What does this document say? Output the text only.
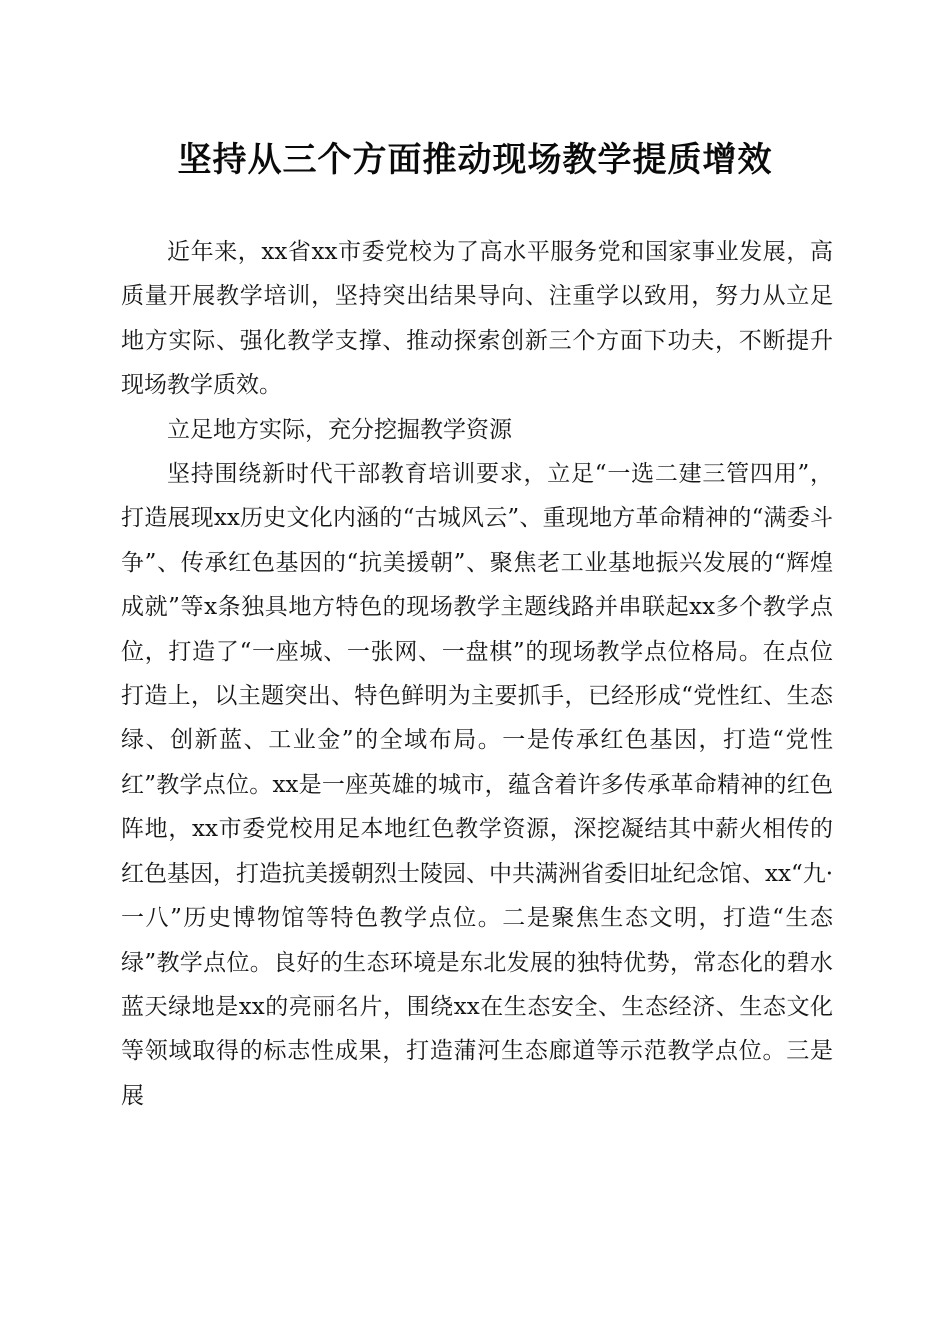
坚持从三个方面推动现场教学提质增效

近年来，xx省xx市委党校为了高水平服务党和国家事业发展，高质量开展教学培训，坚持突出结果导向、注重学以致用，努力从立足地方实际、强化教学支撑、推动探索创新三个方面下功夫，不断提升现场教学质效。

立足地方实际，充分挖掘教学资源

坚持围绕新时代干部教育培训要求，立足“一选二建三管四用”，打造展现xx历史文化内涵的“古城风云”、重现地方革命精神的“满委斗争”、传承红色基因的“抗美援朝”、聚焦老工业基地振兴发展的“辉煌成就”等x条独具地方特色的现场教学主题线路并串联起xx多个教学点位，打造了“一座城、一张网、一盘棋”的现场教学点位格局。在点位打造上，以主题突出、特色鲜明为主要抓手，已经形成“党性红、生态绿、创新蓝、工业金”的全域布局。一是传承红色基因，打造“党性红”教学点位。xx是一座英雄的城市，蕴含着许多传承革命精神的红色阵地，xx市委党校用足本地红色教学资源，深挖凝结其中薪火相传的红色基因，打造抗美援朝烈士陵园、中共满洲省委旧址纪念馆、xx“九·一八”历史博物馆等特色教学点位。二是聚焦生态文明，打造“生态绿”教学点位。良好的生态环境是东北发展的独特优势，常态化的碧水蓝天绿地是xx的亮丽名片，围绕xx在生态安全、生态经济、生态文化等领域取得的标志性成果，打造蒲河生态廊道等示范教学点位。三是展
